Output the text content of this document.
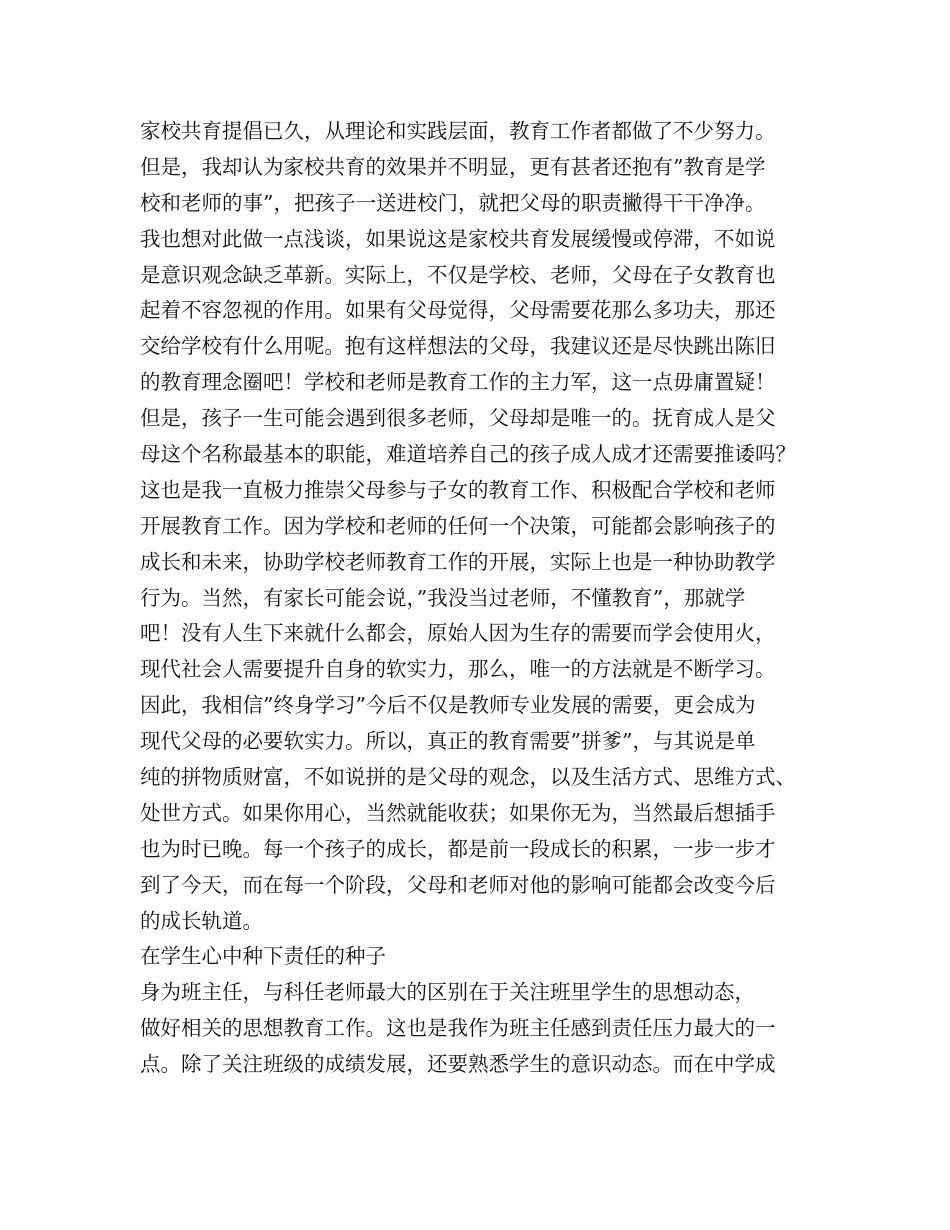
家校共育提倡已久，从理论和实践层面，教育工作者都做了不少努力。
但是，我却认为家校共育的效果并不明显，更有甚者还抱有”教育是学
校和老师的事”，把孩子一送进校门，就把父母的职责撇得干干净净。
我也想对此做一点浅谈，如果说这是家校共育发展缓慢或停滞，不如说
是意识观念缺乏革新。实际上，不仅是学校、老师，父母在子女教育也
起着不容忽视的作用。如果有父母觉得，父母需要花那么多功夫，那还
交给学校有什么用呢。抱有这样想法的父母，我建议还是尽快跳出陈旧
的教育理念圈吧！学校和老师是教育工作的主力军，这一点毋庸置疑！
但是，孩子一生可能会遇到很多老师，父母却是唯一的。抚育成人是父
母这个名称最基本的职能，难道培养自己的孩子成人成才还需要推诿吗？
这也是我一直极力推崇父母参与子女的教育工作、积极配合学校和老师
开展教育工作。因为学校和老师的任何一个决策，可能都会影响孩子的
成长和未来，协助学校老师教育工作的开展，实际上也是一种协助教学
行为。当然，有家长可能会说，”我没当过老师，不懂教育”，那就学
吧！没有人生下来就什么都会，原始人因为生存的需要而学会使用火，
现代社会人需要提升自身的软实力，那么，唯一的方法就是不断学习。
因此，我相信”终身学习”今后不仅是教师专业发展的需要，更会成为
现代父母的必要软实力。所以，真正的教育需要”拼爹”，与其说是单
纯的拼物质财富，不如说拼的是父母的观念，以及生活方式、思维方式、
处世方式。如果你用心，当然就能收获；如果你无为，当然最后想插手
也为时已晚。每一个孩子的成长，都是前一段成长的积累，一步一步才
到了今天，而在每一个阶段，父母和老师对他的影响可能都会改变今后
的成长轨道。
在学生心中种下责任的种子
身为班主任，与科任老师最大的区别在于关注班里学生的思想动态，
做好相关的思想教育工作。这也是我作为班主任感到责任压力最大的一
点。除了关注班级的成绩发展，还要熟悉学生的意识动态。而在中学成
